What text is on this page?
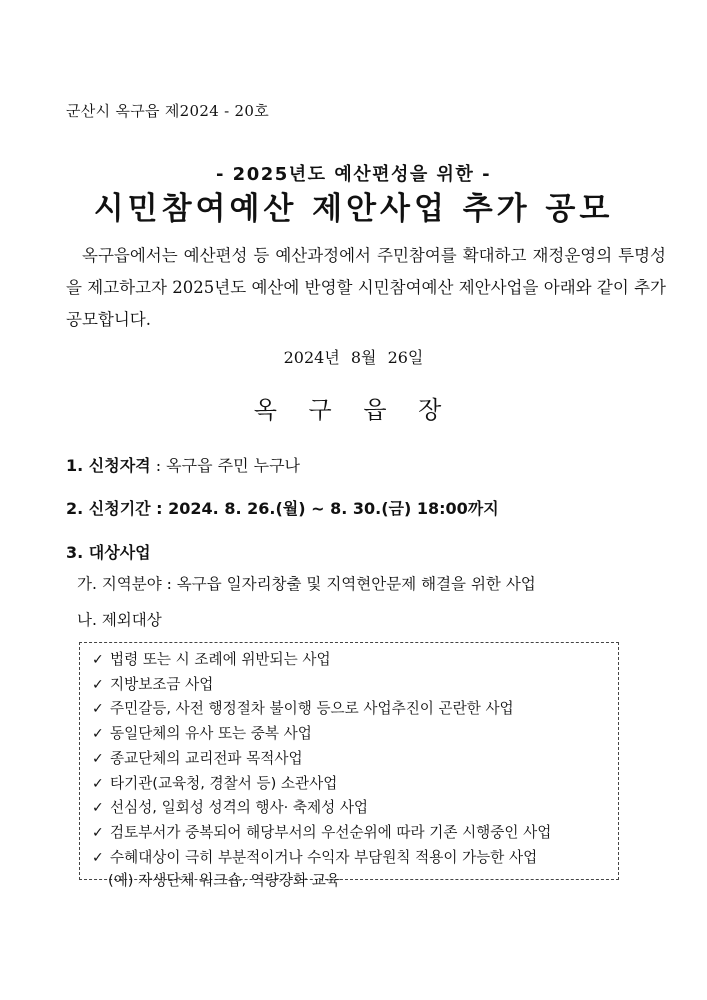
군산시 옥구읍 제2024 - 20호
- 2025년도 예산편성을 위한 -
시민참여예산 제안사업 추가 공모
옥구읍에서는 예산편성 등 예산과정에서 주민참여를 확대하고 재정운영의 투명성을 제고하고자 2025년도 예산에 반영할 시민참여예산 제안사업을 아래와 같이 추가 공모합니다.
2024년 8월 26일
옥 구 읍 장
1. 신청자격 : 옥구읍 주민 누구나
2. 신청기간 : 2024. 8. 26.(월) ~ 8. 30.(금) 18:00까지
3. 대상사업
가. 지역분야 : 옥구읍 일자리창출 및 지역현안문제 해결을 위한 사업
나. 제외대상
✓ 법령 또는 시 조례에 위반되는 사업
✓ 지방보조금 사업
✓ 주민갈등, 사전 행정절차 불이행 등으로 사업추진이 곤란한 사업
✓ 동일단체의 유사 또는 중복 사업
✓ 종교단체의 교리전파 목적사업
✓ 타기관(교육청, 경찰서 등) 소관사업
✓ 선심성, 일회성 성격의 행사· 축제성 사업
✓ 검토부서가 중복되어 해당부서의 우선순위에 따라 기존 시행중인 사업
✓ 수혜대상이 극히 부분적이거나 수익자 부담원칙 적용이 가능한 사업
(예) 자생단체 워크숍, 역량강화 교육
